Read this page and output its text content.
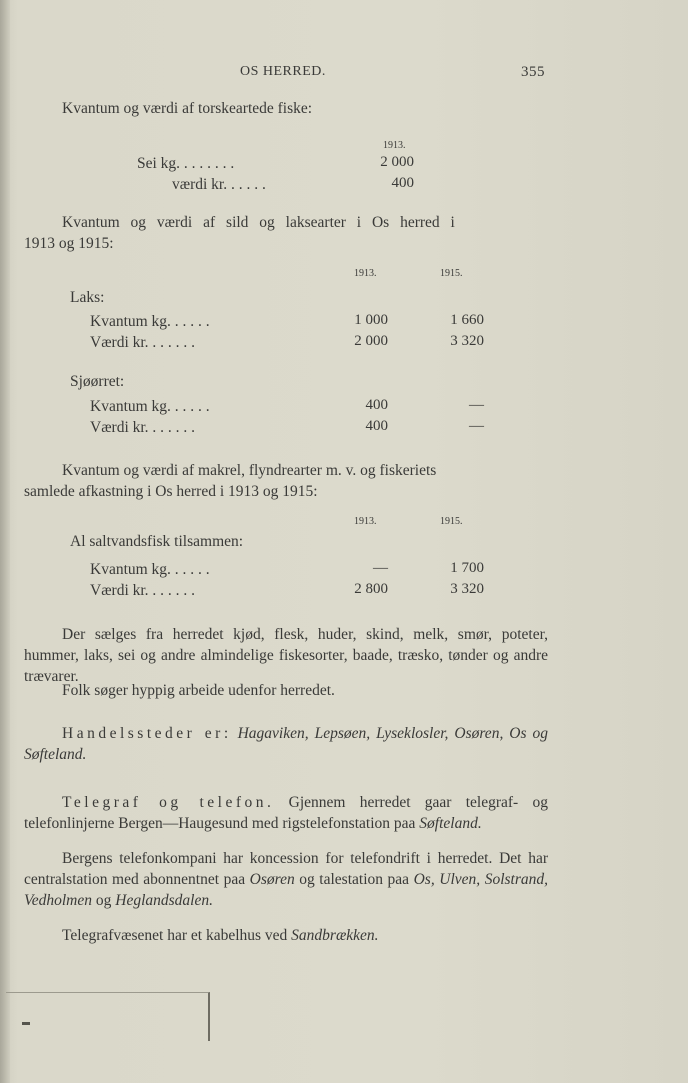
OS HERRED.	355
Kvantum og værdi af torskeartede fiske:
1913.
Sei kg. . . . . . . .	2 000
værdi kr. . . . . .	400
Kvantum og værdi af sild og laksearter i Os herred i
1913 og 1915:
1913.	1915.
Laks:
Kvantum kg. . . . . .	1 000	1 660
Værdi kr. . . . . . .	2 000	3 320
Sjøørret:
Kvantum kg. . . . . .	400	—
Værdi kr. . . . . . .	400	—
Kvantum og værdi af makrel, flyndrearter m. v. og fiskeriets
samlede afkastning i Os herred i 1913 og 1915:
1913.	1915.
Al saltvandsfisk tilsammen:
Kvantum kg. . . . . .	—	1 700
Værdi kr. . . . . . .	2 800	3 320
Der sælges fra herredet kjød, flesk, huder, skind, melk, smør, poteter, hummer, laks, sei og andre almindelige fiskesorter, baade, træsko, tønder og andre trævarer.
Folk søger hyppig arbeide udenfor herredet.
Handelssteder er: Hagaviken, Lepsøen, Lyseklosler, Osøren, Os og Søfteland.
Telegraf og telefon. Gjennem herredet gaar telegraf- og telefonlinjerne Bergen—Haugesund med rigstelefonstation paa Søfteland.
Bergens telefonkompani har koncession for telefondrift i herredet. Det har centralstation med abonnentnet paa Osøren og talestation paa Os, Ulven, Solstrand, Vedholmen og Heglandsdalen.
Telegrafvæsenet har et kabelhus ved Sandbrækken.
